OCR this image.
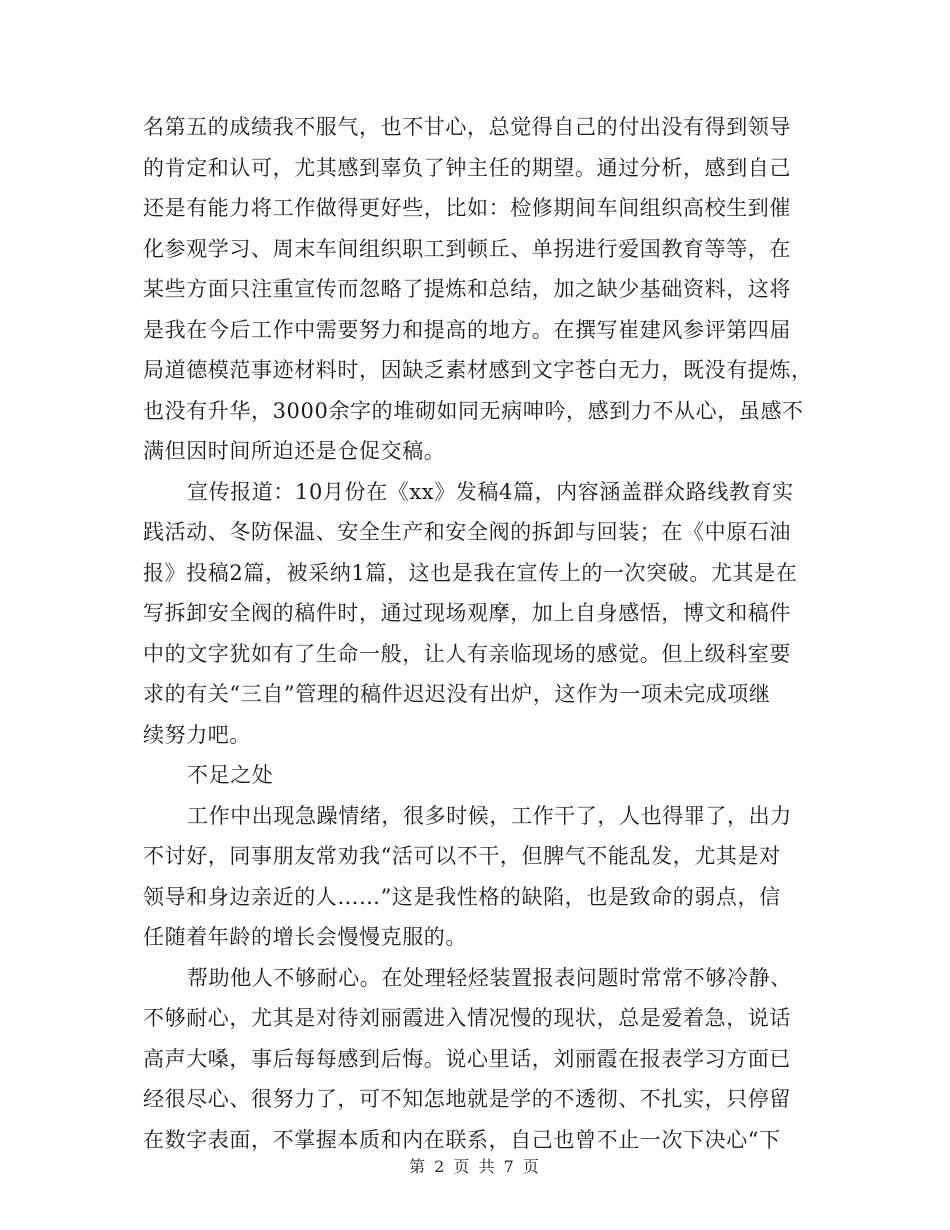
名第五的成绩我不服气，也不甘心，总觉得自己的付出没有得到领导
的肯定和认可，尤其感到辜负了钟主任的期望。通过分析，感到自己
还是有能力将工作做得更好些，比如：检修期间车间组织高校生到催
化参观学习、周末车间组织职工到顿丘、单拐进行爱国教育等等，在
某些方面只注重宣传而忽略了提炼和总结，加之缺少基础资料，这将
是我在今后工作中需要努力和提高的地方。在撰写崔建风参评第四届
局道德模范事迹材料时，因缺乏素材感到文字苍白无力，既没有提炼，
也没有升华，3000余字的堆砌如同无病呻吟，感到力不从心，虽感不
满但因时间所迫还是仓促交稿。

宣传报道：10月份在《xx》发稿4篇，内容涵盖群众路线教育实
践活动、冬防保温、安全生产和安全阀的拆卸与回装；在《中原石油
报》投稿2篇，被采纳1篇，这也是我在宣传上的一次突破。尤其是在
写拆卸安全阀的稿件时，通过现场观摩，加上自身感悟，博文和稿件
中的文字犹如有了生命一般，让人有亲临现场的感觉。但上级科室要
求的有关“三自”管理的稿件迟迟没有出炉，这作为一项未完成项继
续努力吧。

不足之处

工作中出现急躁情绪，很多时候，工作干了，人也得罪了，出力
不讨好，同事朋友常劝我“活可以不干，但脾气不能乱发，尤其是对
领导和身边亲近的人……”这是我性格的缺陷，也是致命的弱点，信
任随着年龄的增长会慢慢克服的。

帮助他人不够耐心。在处理轻烃装置报表问题时常常不够冷静、
不够耐心，尤其是对待刘丽霞进入情况慢的现状，总是爱着急，说话
高声大嗓，事后每每感到后悔。说心里话，刘丽霞在报表学习方面已
经很尽心、很努力了，可不知怎地就是学的不透彻、不扎实，只停留
在数字表面，不掌握本质和内在联系，自己也曾不止一次下决心“下

第 2 页 共 7 页
